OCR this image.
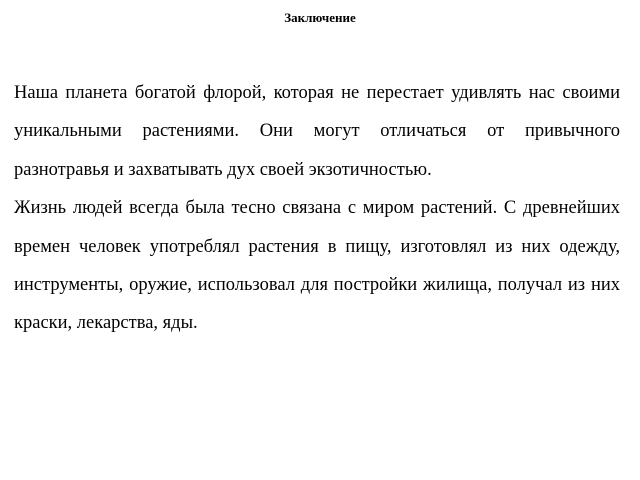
Заключение

Наша планета богатой флорой, которая не перестает удивлять нас своими уникальными растениями. Они могут отличаться от привычного разнотравья и захватывать дух своей экзотичностью.

Жизнь людей всегда была тесно связана с миром растений. С древнейших времен человек употреблял растения в пищу, изготовлял из них одежду, инструменты, оружие, использовал для постройки жилища, получал из них краски, лекарства, яды.
